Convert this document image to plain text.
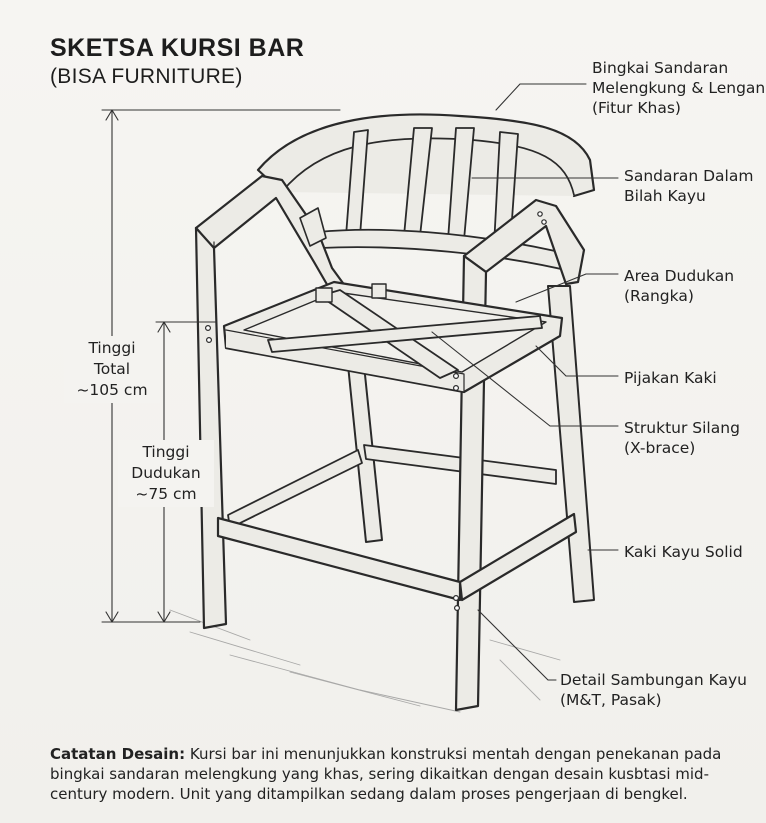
SKETSA KURSI BAR
(BISA FURNITURE)
Tinggi
Total
~105 cm
Tinggi
Dudukan
~75 cm
Bingkai Sandaran
Melengkung & Lengan
(Fitur Khas)
Sandaran Dalam
Bilah Kayu
Area Dudukan
(Rangka)
Pijakan Kaki
Struktur Silang
(X-brace)
Kaki Kayu Solid
Detail Sambungan Kayu
(M&T, Pasak)
Catatan Desain: Kursi bar ini menunjukkan konstruksi mentah dengan penekanan pada bingkai sandaran melengkung yang khas, sering dikaitkan dengan desain kusbtasi mid-century modern. Unit yang ditampilkan sedang dalam proses pengerjaan di bengkel.
